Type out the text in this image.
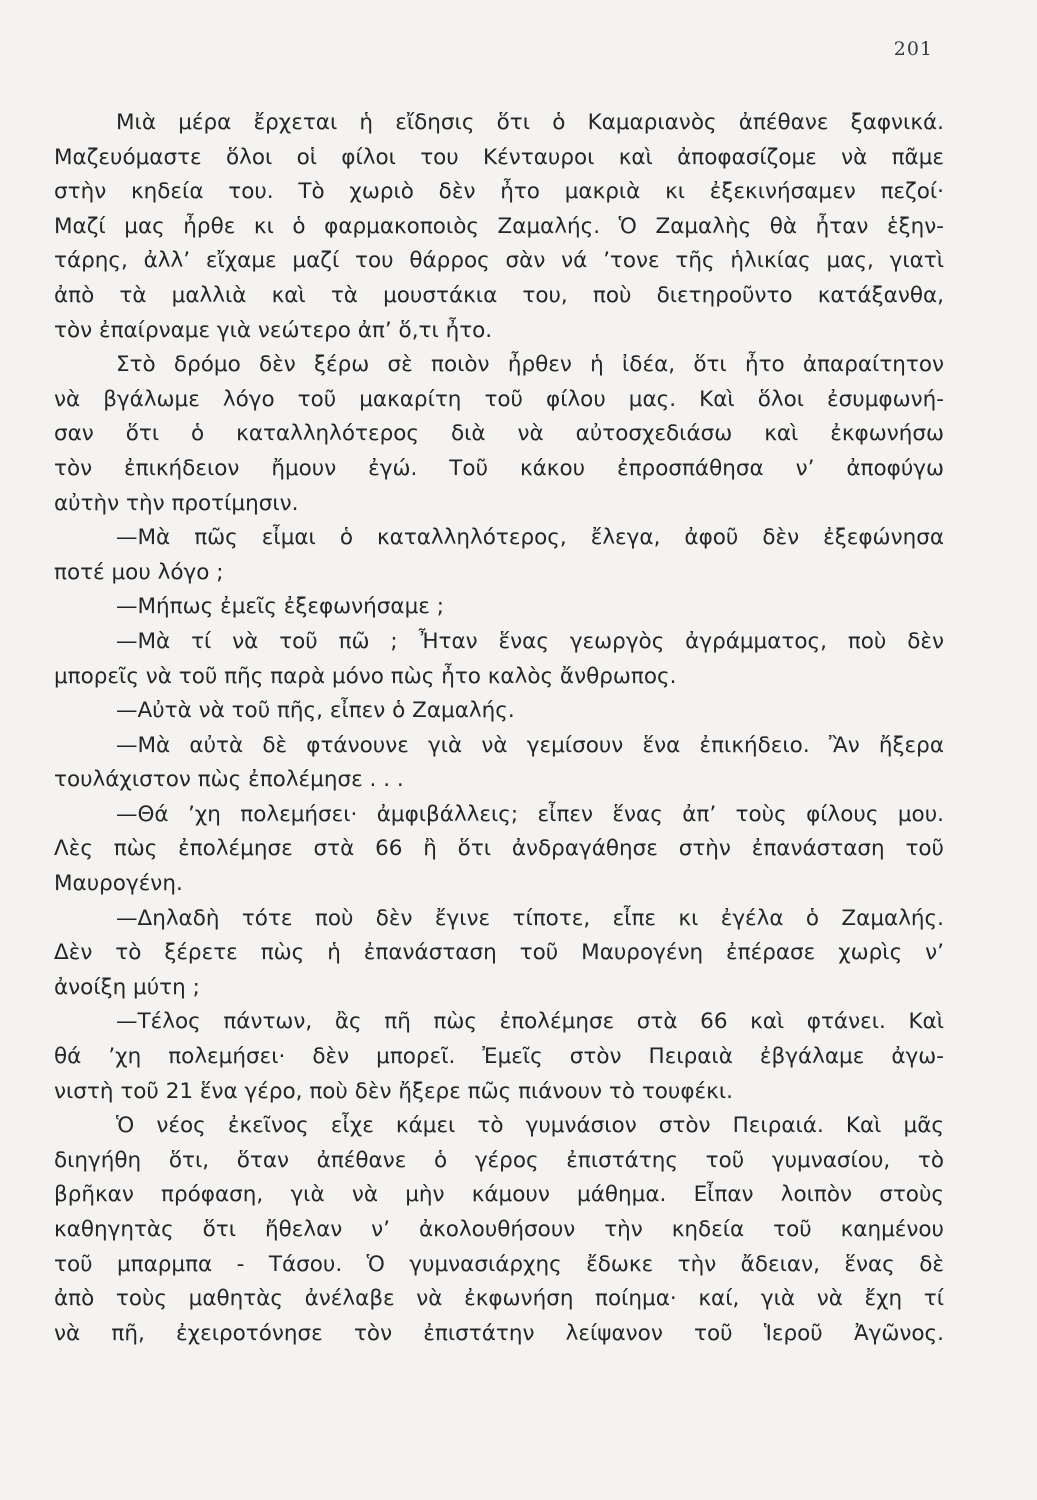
201
Μιὰ μέρα ἔρχεται ἡ εἴδησις ὅτι ὁ Καμαριανὸς ἀπέθανε ξαφνικά.
Μαζευόμαστε ὅλοι οἱ φίλοι του Κένταυροι καὶ ἀποφασίζομε νὰ πᾶμε
στὴν κηδεία του. Τὸ χωριὸ δὲν ἦτο μακριὰ κι ἐξεκινήσαμεν πεζοί·
Μαζί μας ἦρθε κι ὁ φαρμακοποιὸς Ζαμαλής. Ὁ Ζαμαλὴς θὰ ἦταν ἑξην-
τάρης, ἀλλ’ εἴχαμε μαζί του θάρρος σὰν νά ’τονε τῆς ἡλικίας μας, γιατὶ
ἀπὸ τὰ μαλλιὰ καὶ τὰ μουστάκια του, ποὺ διετηροῦντο κατάξανθα,
τὸν ἐπαίρναμε γιὰ νεώτερο ἀπ’ ὅ,τι ἦτο.
Στὸ δρόμο δὲν ξέρω σὲ ποιὸν ἦρθεν ἡ ἰδέα, ὅτι ἦτο ἀπαραίτητον
νὰ βγάλωμε λόγο τοῦ μακαρίτη τοῦ φίλου μας. Καὶ ὅλοι ἐσυμφωνή-
σαν ὅτι ὁ καταλληλότερος διὰ νὰ αὐτοσχεδιάσω καὶ ἐκφωνήσω
τὸν ἐπικήδειον ἤμουν ἐγώ. Τοῦ κάκου ἐπροσπάθησα ν’ ἀποφύγω
αὐτὴν τὴν προτίμησιν.
—Μὰ πῶς εἶμαι ὁ καταλληλότερος, ἔλεγα, ἀφοῦ δὲν ἐξεφώνησα
ποτέ μου λόγο ;
—Μήπως ἐμεῖς ἐξεφωνήσαμε ;
—Μὰ τί νὰ τοῦ πῶ ; Ἦταν ἕνας γεωργὸς ἀγράμματος, ποὺ δὲν
μπορεῖς νὰ τοῦ πῆς παρὰ μόνο πὼς ἦτο καλὸς ἄνθρωπος.
—Αὐτὰ νὰ τοῦ πῆς, εἶπεν ὁ Ζαμαλής.
—Μὰ αὐτὰ δὲ φτάνουνε γιὰ νὰ γεμίσουν ἕνα ἐπικήδειο. Ἂν ἤξερα
τουλάχιστον πὼς ἐπολέμησε . . .
—Θά ’χη πολεμήσει· ἀμφιβάλλεις; εἶπεν ἕνας ἀπ’ τοὺς φίλους μου.
Λὲς πὼς ἐπολέμησε στὰ 66 ἢ ὅτι ἀνδραγάθησε στὴν ἐπανάσταση τοῦ
Μαυρογένη.
—Δηλαδὴ τότε ποὺ δὲν ἔγινε τίποτε, εἶπε κι ἐγέλα ὁ Ζαμαλής.
Δὲν τὸ ξέρετε πὼς ἡ ἐπανάσταση τοῦ Μαυρογένη ἐπέρασε χωρὶς ν’
ἀνοίξη μύτη ;
—Τέλος πάντων, ἂς πῆ πὼς ἐπολέμησε στὰ 66 καὶ φτάνει. Καὶ
θά ’χη πολεμήσει· δὲν μπορεῖ. Ἐμεῖς στὸν Πειραιὰ ἐβγάλαμε ἀγω-
νιστὴ τοῦ 21 ἕνα γέρο, ποὺ δὲν ἤξερε πῶς πιάνουν τὸ τουφέκι.
Ὁ νέος ἐκεῖνος εἶχε κάμει τὸ γυμνάσιον στὸν Πειραιά. Καὶ μᾶς
διηγήθη ὅτι, ὅταν ἀπέθανε ὁ γέρος ἐπιστάτης τοῦ γυμνασίου, τὸ
βρῆκαν πρόφαση, γιὰ νὰ μὴν κάμουν μάθημα. Εἶπαν λοιπὸν στοὺς
καθηγητὰς ὅτι ἤθελαν ν’ ἀκολουθήσουν τὴν κηδεία τοῦ καημένου
τοῦ μπαρμπα - Τάσου. Ὁ γυμνασιάρχης ἔδωκε τὴν ἄδειαν, ἕνας δὲ
ἀπὸ τοὺς μαθητὰς ἀνέλαβε νὰ ἐκφωνήση ποίημα· καί, γιὰ νὰ ἔχη τί
νὰ πῆ, ἐχειροτόνησε τὸν ἐπιστάτην λείψανον τοῦ Ἱεροῦ Ἀγῶνος.
